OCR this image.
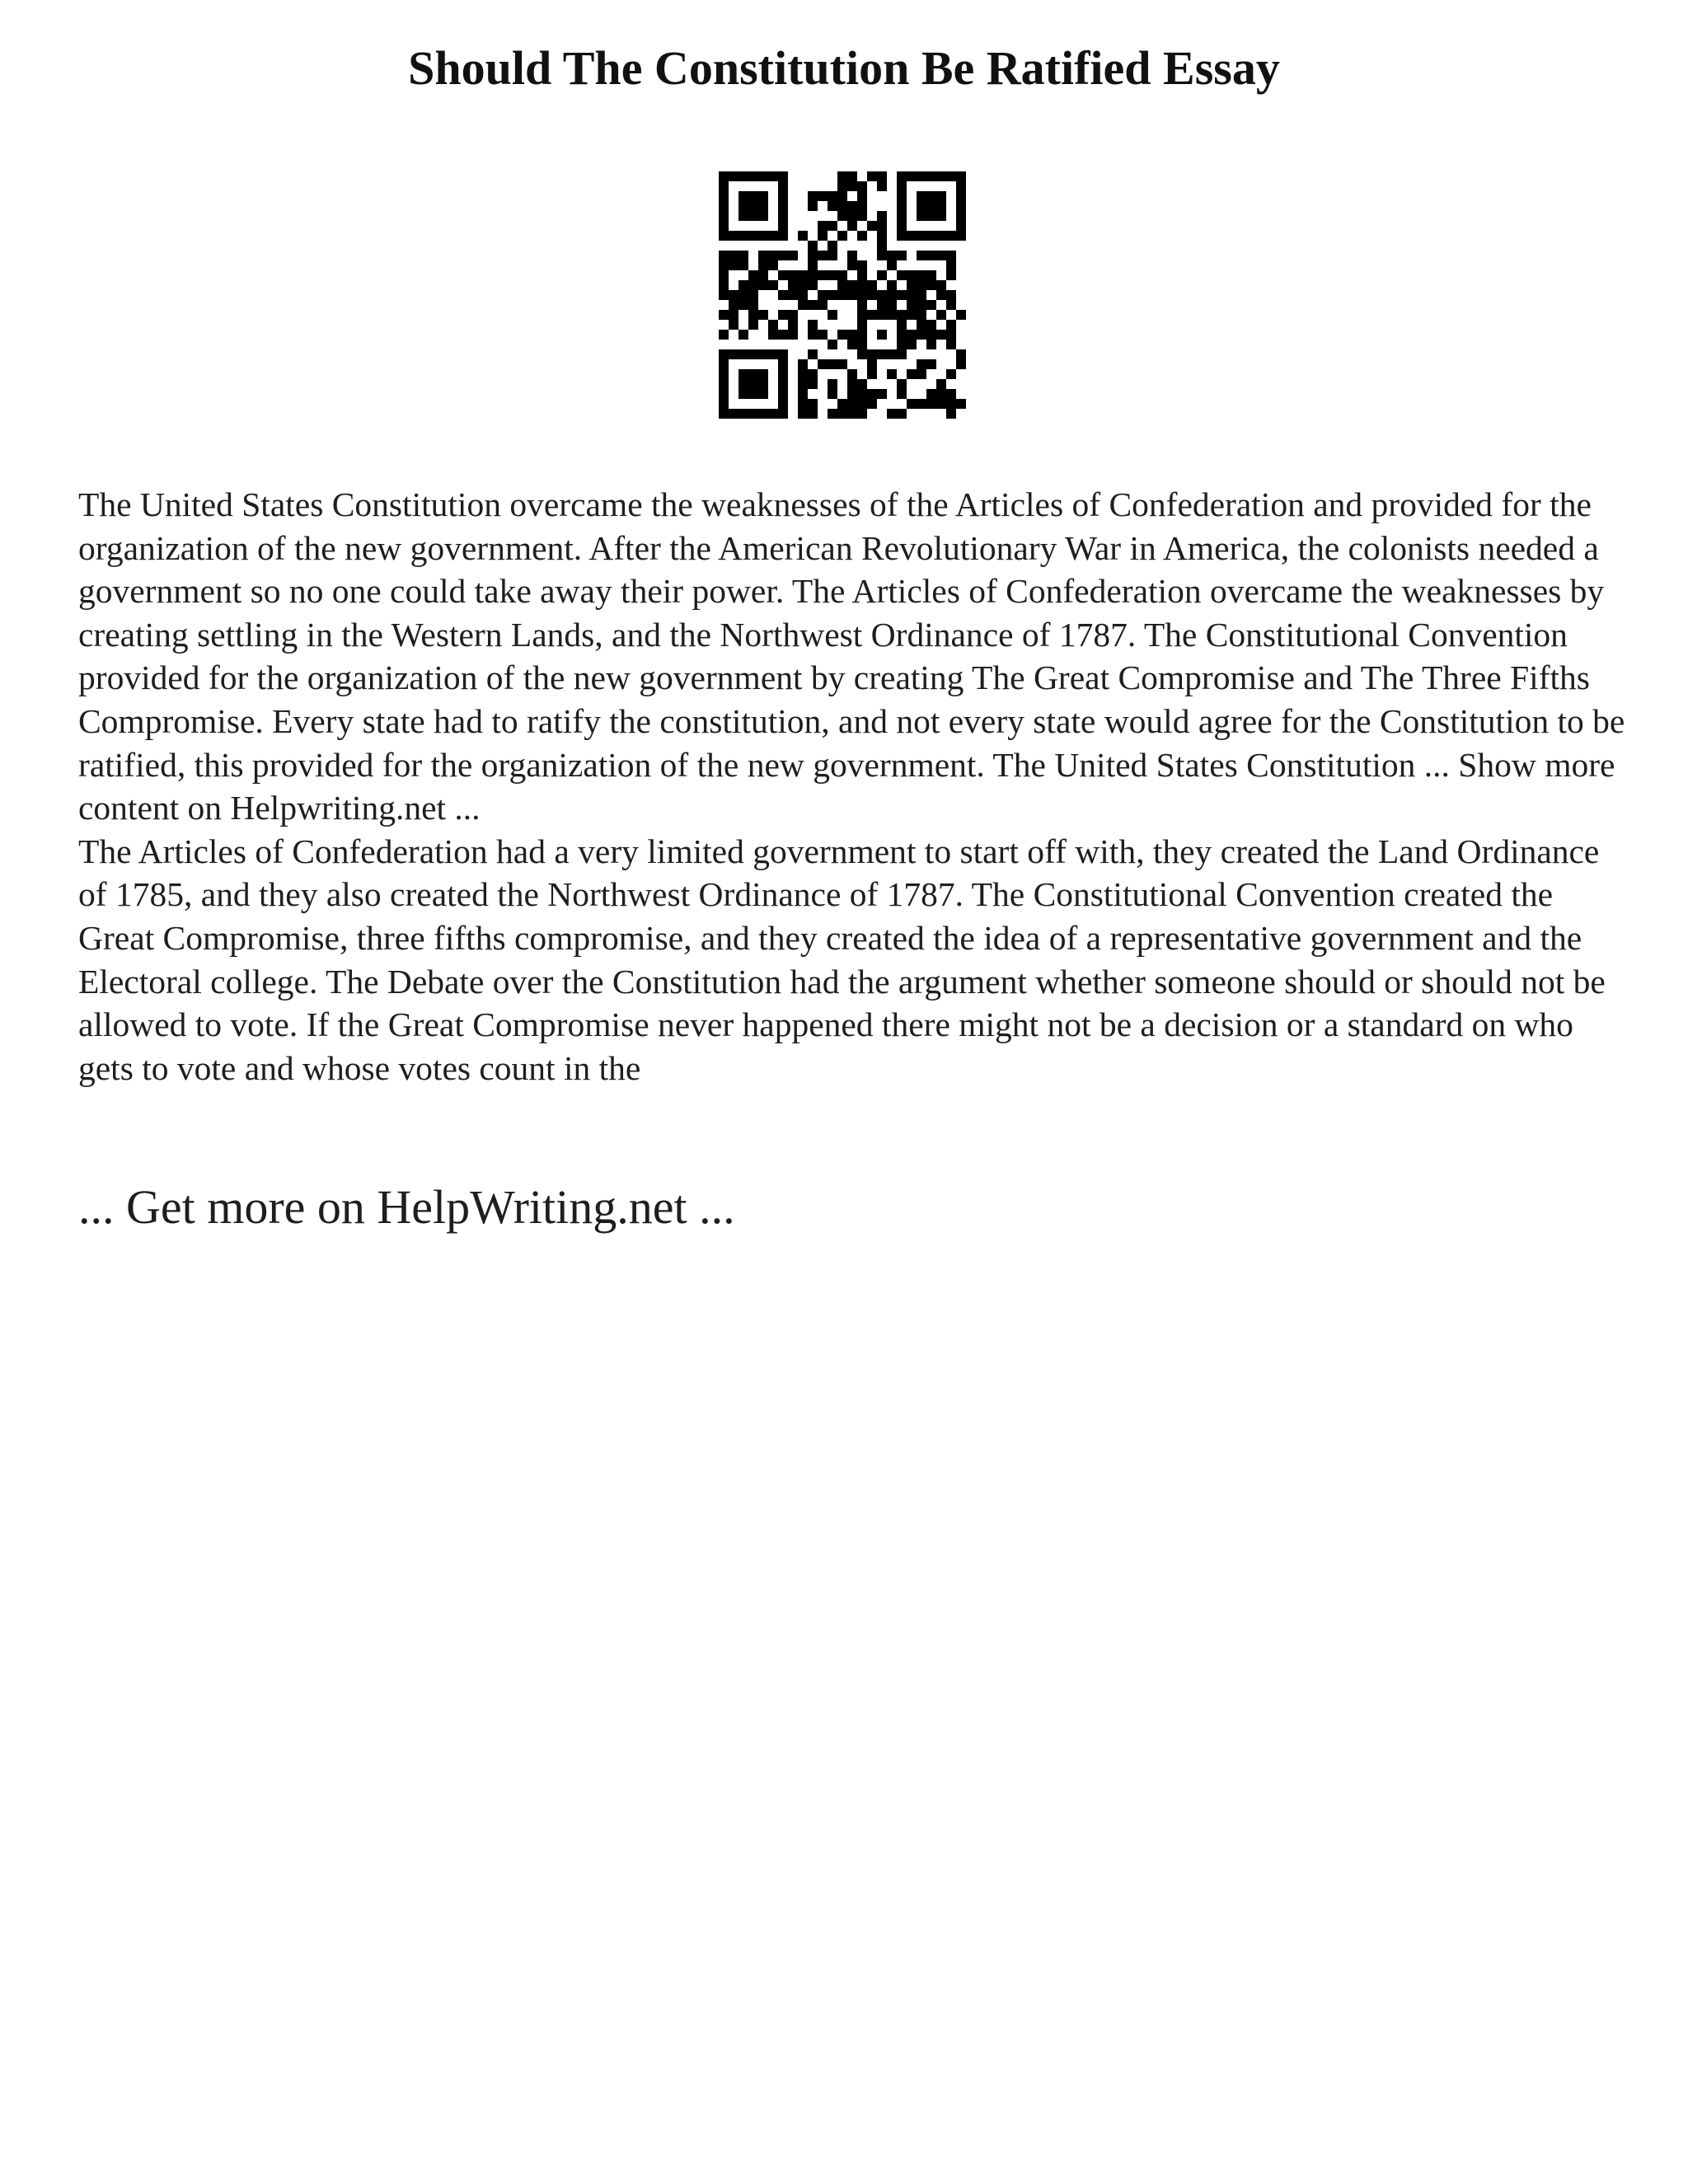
Should The Constitution Be Ratified Essay

The United States Constitution overcame the weaknesses of the Articles of Confederation and provided for the organization of the new government. After the American Revolutionary War in America, the colonists needed a government so no one could take away their power. The Articles of Confederation overcame the weaknesses by creating settling in the Western Lands, and the Northwest Ordinance of 1787. The Constitutional Convention provided for the organization of the new government by creating The Great Compromise and The Three Fifths Compromise. Every state had to ratify the constitution, and not every state would agree for the Constitution to be ratified, this provided for the organization of the new government. The United States Constitution ... Show more content on Helpwriting.net ...

The Articles of Confederation had a very limited government to start off with, they created the Land Ordinance of 1785, and they also created the Northwest Ordinance of 1787. The Constitutional Convention created the Great Compromise, three fifths compromise, and they created the idea of a representative government and the Electoral college. The Debate over the Constitution had the argument whether someone should or should not be allowed to vote. If the Great Compromise never happened there might not be a decision or a standard on who gets to vote and whose votes count in the

... Get more on HelpWriting.net ...
